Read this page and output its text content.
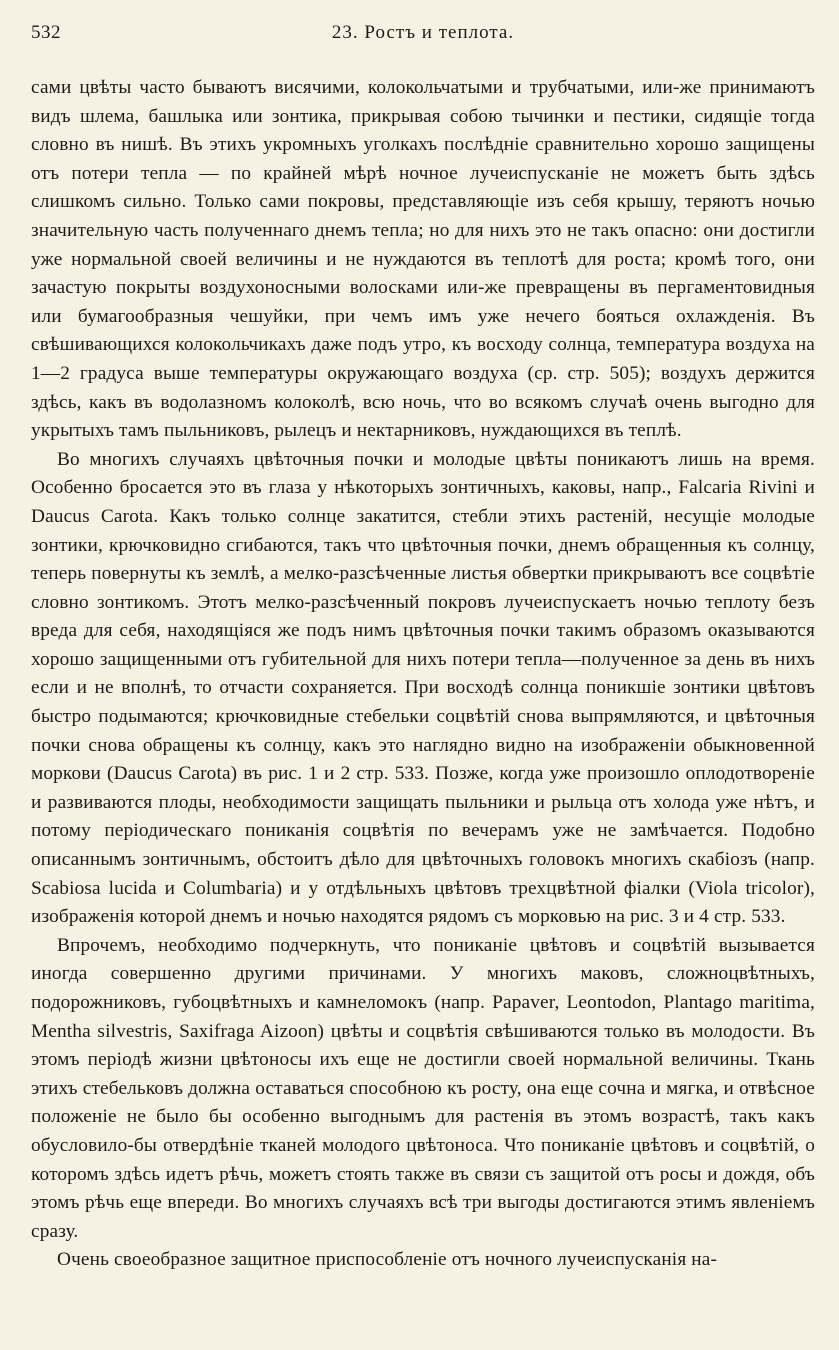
532	23. Ростъ и теплота.

сами цвѣты часто бываютъ висячими, колокольчатыми и трубчатыми, или-же принимаютъ видъ шлема, башлыка или зонтика, прикрывая собою тычинки и пестики, сидящіе тогда словно въ нишѣ. Въ этихъ укромныхъ уголкахъ послѣдніе сравнительно хорошо защищены отъ потери тепла — по крайней мѣрѣ ночное лучеиспусканіе не можетъ быть здѣсь слишкомъ сильно. Только сами покровы, представляющіе изъ себя крышу, теряютъ ночью значительную часть полученнаго днемъ тепла; но для нихъ это не такъ опасно: они достигли уже нормальной своей величины и не нуждаются въ теплотѣ для роста; кромѣ того, они зачастую покрыты воздухоносными волосками или-же превращены въ пергаментовидныя или бумагообразныя чешуйки, при чемъ имъ уже нечего бояться охлажденія. Въ свѣшивающихся колокольчикахъ даже подъ утро, къ восходу солнца, температура воздуха на 1—2 градуса выше температуры окружающаго воздуха (ср. стр. 505); воздухъ держится здѣсь, какъ въ водолазномъ колоколѣ, всю ночь, что во всякомъ случаѣ очень выгодно для укрытыхъ тамъ пыльниковъ, рылецъ и нектарниковъ, нуждающихся въ теплѣ.

Во многихъ случаяхъ цвѣточныя почки и молодые цвѣты поникаютъ лишь на время. Особенно бросается это въ глаза у нѣкоторыхъ зонтичныхъ, каковы, напр., Falcaria Rivini и Daucus Carota. Какъ только солнце закатится, стебли этихъ растеній, несущіе молодые зонтики, крючковидно сгибаются, такъ что цвѣточныя почки, днемъ обращенныя къ солнцу, теперь повернуты къ землѣ, а мелко-разсѣченные листья обвертки прикрываютъ все соцвѣтіе словно зонтикомъ. Этотъ мелко-разсѣченный покровъ лучеиспускаетъ ночью теплоту безъ вреда для себя, находящіяся же подъ нимъ цвѣточныя почки такимъ образомъ оказываются хорошо защищенными отъ губительной для нихъ потери тепла—полученное за день въ нихъ если и не вполнѣ, то отчасти сохраняется. При восходѣ солнца поникшіе зонтики цвѣтовъ быстро подымаются; крючковидные стебельки соцвѣтій снова выпрямляются, и цвѣточныя почки снова обращены къ солнцу, какъ это наглядно видно на изображеніи обыкновенной моркови (Daucus Carota) въ рис. 1 и 2 стр. 533. Позже, когда уже произошло оплодотвореніе и развиваются плоды, необходимости защищать пыльники и рыльца отъ холода уже нѣтъ, и потому періодическаго пониканія соцвѣтія по вечерамъ уже не замѣчается. Подобно описаннымъ зонтичнымъ, обстоитъ дѣло для цвѣточныхъ головокъ многихъ скабіозъ (напр. Scabiosa lucida и Columbaria) и у отдѣльныхъ цвѣтовъ трехцвѣтной фіалки (Viola tricolor), изображенія которой днемъ и ночью находятся рядомъ съ морковью на рис. 3 и 4 стр. 533.

Впрочемъ, необходимо подчеркнуть, что пониканіе цвѣтовъ и соцвѣтій вызывается иногда совершенно другими причинами. У многихъ маковъ, сложноцвѣтныхъ, подорожниковъ, губоцвѣтныхъ и камнеломокъ (напр. Papaver, Leontodon, Plantago maritima, Mentha silvestris, Saxifraga Aizoon) цвѣты и соцвѣтія свѣшиваются только въ молодости. Въ этомъ періодѣ жизни цвѣтоносы ихъ еще не достигли своей нормальной величины. Ткань этихъ стебельковъ должна оставаться способною къ росту, она еще сочна и мягка, и отвѣсное положеніе не было бы особенно выгоднымъ для растенія въ этомъ возрастѣ, такъ какъ обусловило-бы отвердѣніе тканей молодого цвѣтоноса. Что пониканіе цвѣтовъ и соцвѣтій, о которомъ здѣсь идетъ рѣчь, можетъ стоять также въ связи съ защитой отъ росы и дождя, объ этомъ рѣчь еще впереди. Во многихъ случаяхъ всѣ три выгоды достигаются этимъ явленіемъ сразу.

Очень своеобразное защитное приспособленіе отъ ночного лучеиспусканія на-
